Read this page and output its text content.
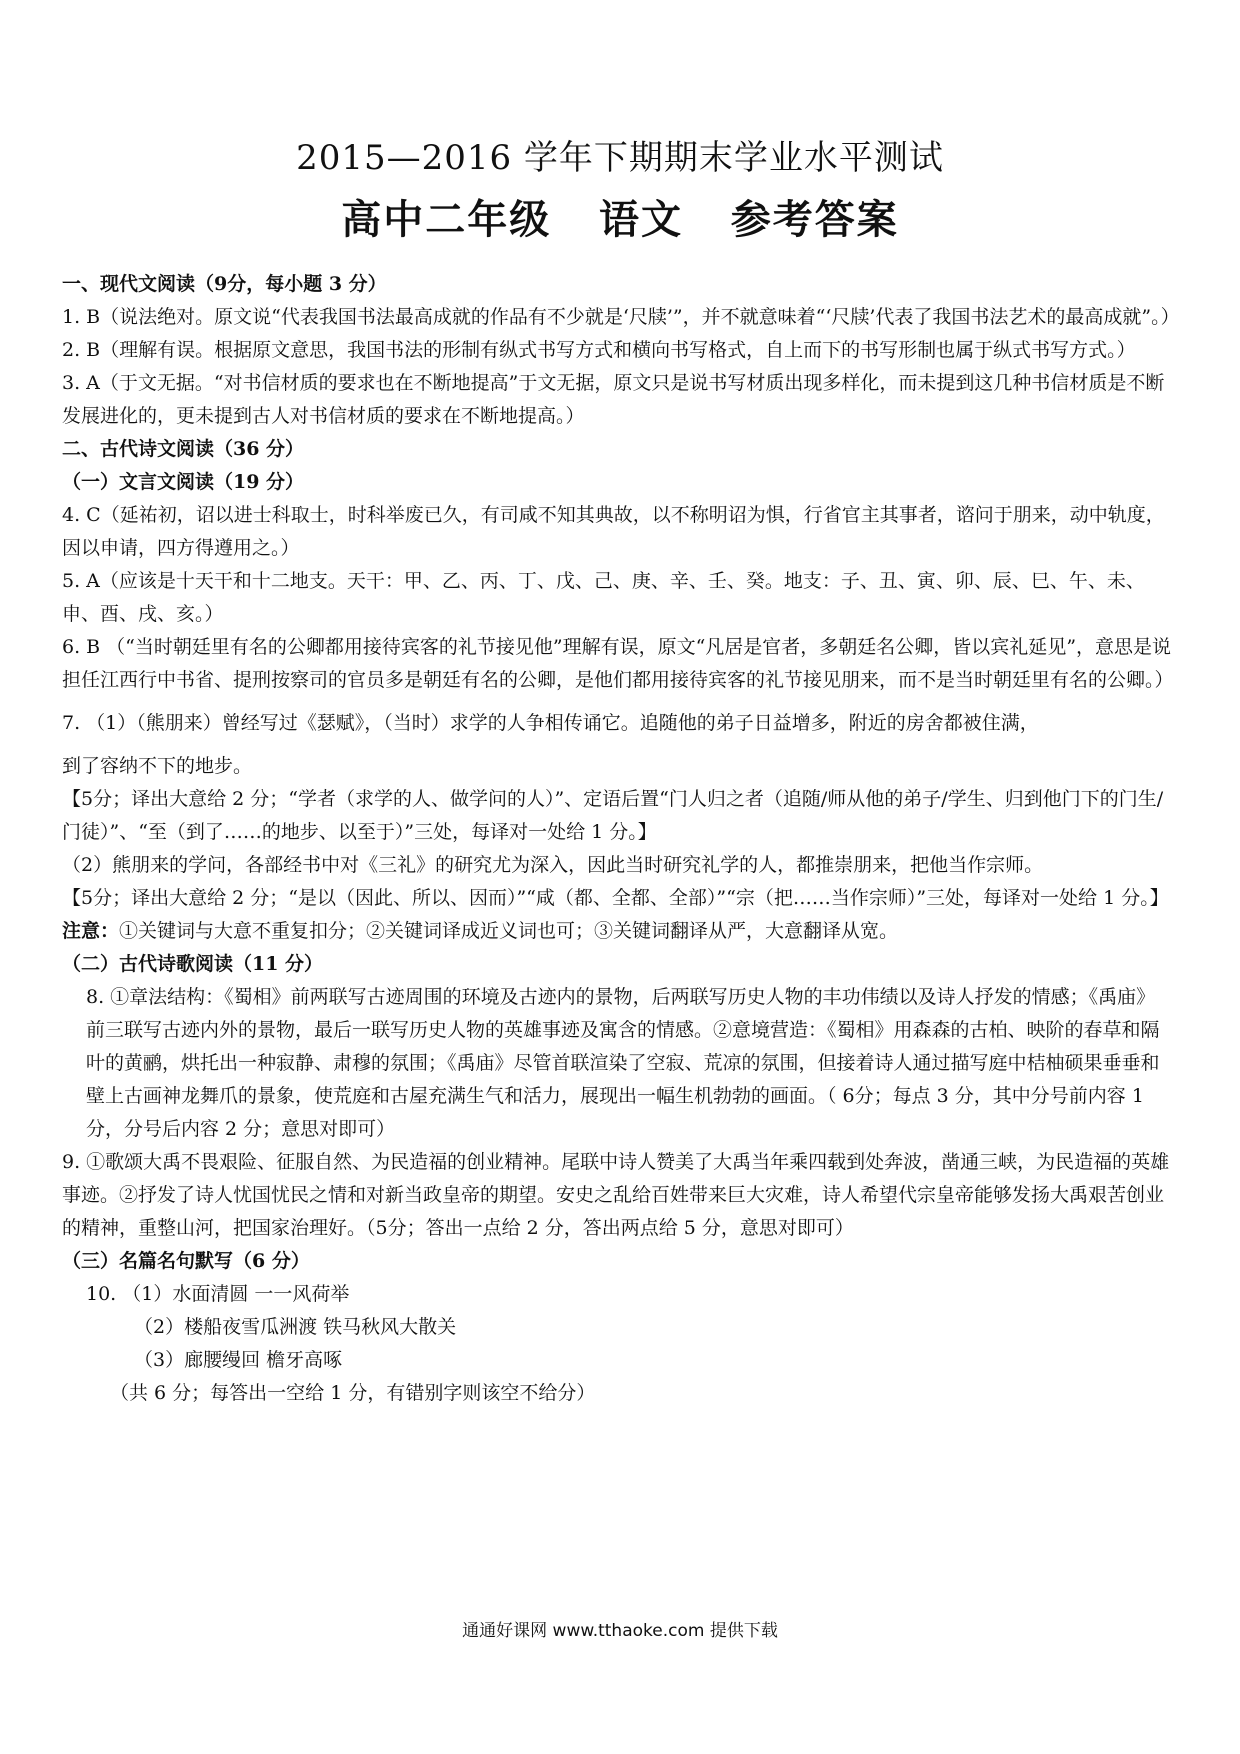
2015—2016 学年下期期末学业水平测试
高中二年级   语文   参考答案

一、现代文阅读（9分，每小题 3 分）

1. B（说法绝对。原文说“代表我国书法最高成就的作品有不少就是‘尺牍’”，并不就意味着“‘尺牍’代表了我国书法艺术的最高成就”。）

2. B（理解有误。根据原文意思，我国书法的形制有纵式书写方式和横向书写格式，自上而下的书写形制也属于纵式书写方式。）

3. A（于文无据。“对书信材质的要求也在不断地提高”于文无据，原文只是说书写材质出现多样化，而未提到这几种书信材质是不断发展进化的，更未提到古人对书信材质的要求在不断地提高。）

二、古代诗文阅读（36 分）

（一）文言文阅读（19 分）

4. C（延祐初，诏以进士科取士，时科举废已久，有司咸不知其典故，以不称明诏为惧，行省官主其事者，谘问于朋来，动中轨度，因以申请，四方得遵用之。）

5. A（应该是十天干和十二地支。天干：甲、乙、丙、丁、戊、己、庚、辛、壬、癸。地支：子、丑、寅、卯、辰、巳、午、未、申、酉、戌、亥。）

6. B （“当时朝廷里有名的公卿都用接待宾客的礼节接见他”理解有误，原文“凡居是官者，多朝廷名公卿，皆以宾礼延见”，意思是说担任江西行中书省、提刑按察司的官员多是朝廷有名的公卿，是他们都用接待宾客的礼节接见朋来，而不是当时朝廷里有名的公卿。）

7. （1）（熊朋来）曾经写过《瑟赋》，（当时）求学的人争相传诵它。追随他的弟子日益增多，附近的房舍都被住满，

到了容纳不下的地步。

【5分；译出大意给 2 分；“学者（求学的人、做学问的人）”、定语后置“门人归之者（追随/师从他的弟子/学生、归到他门下的门生/门徒）”、“至（到了……的地步、以至于）”三处，每译对一处给 1 分。】

（2）熊朋来的学问，各部经书中对《三礼》的研究尤为深入，因此当时研究礼学的人，都推崇朋来，把他当作宗师。

【5分；译出大意给 2 分；“是以（因此、所以、因而）”“咸（都、全都、全部）”“宗（把……当作宗师）”三处，每译对一处给 1 分。】

注意：①关键词与大意不重复扣分；②关键词译成近义词也可；③关键词翻译从严，大意翻译从宽。

（二）古代诗歌阅读（11 分）

8. ①章法结构：《蜀相》前两联写古迹周围的环境及古迹内的景物，后两联写历史人物的丰功伟绩以及诗人抒发的情感；《禹庙》前三联写古迹内外的景物，最后一联写历史人物的英雄事迹及寓含的情感。②意境营造：《蜀相》用森森的古柏、映阶的春草和隔叶的黄鹂，烘托出一种寂静、肃穆的氛围；《禹庙》尽管首联渲染了空寂、荒凉的氛围，但接着诗人通过描写庭中桔柚硕果垂垂和壁上古画神龙舞爪的景象，使荒庭和古屋充满生气和活力，展现出一幅生机勃勃的画面。（ 6分；每点 3 分，其中分号前内容 1 分，分号后内容 2 分；意思对即可）

9. ①歌颂大禹不畏艰险、征服自然、为民造福的创业精神。尾联中诗人赞美了大禹当年乘四载到处奔波，凿通三峡，为民造福的英雄事迹。②抒发了诗人忧国忧民之情和对新当政皇帝的期望。安史之乱给百姓带来巨大灾难，诗人希望代宗皇帝能够发扬大禹艰苦创业的精神，重整山河，把国家治理好。（5分；答出一点给 2 分，答出两点给 5 分，意思对即可）

（三）名篇名句默写（6 分）

10. （1）水面清圆 一一风荷举

（2）楼船夜雪瓜洲渡 铁马秋风大散关

（3）廊腰缦回 檐牙高啄

（共 6 分；每答出一空给 1 分，有错别字则该空不给分）

通通好课网 www.tthaoke.com 提供下载
